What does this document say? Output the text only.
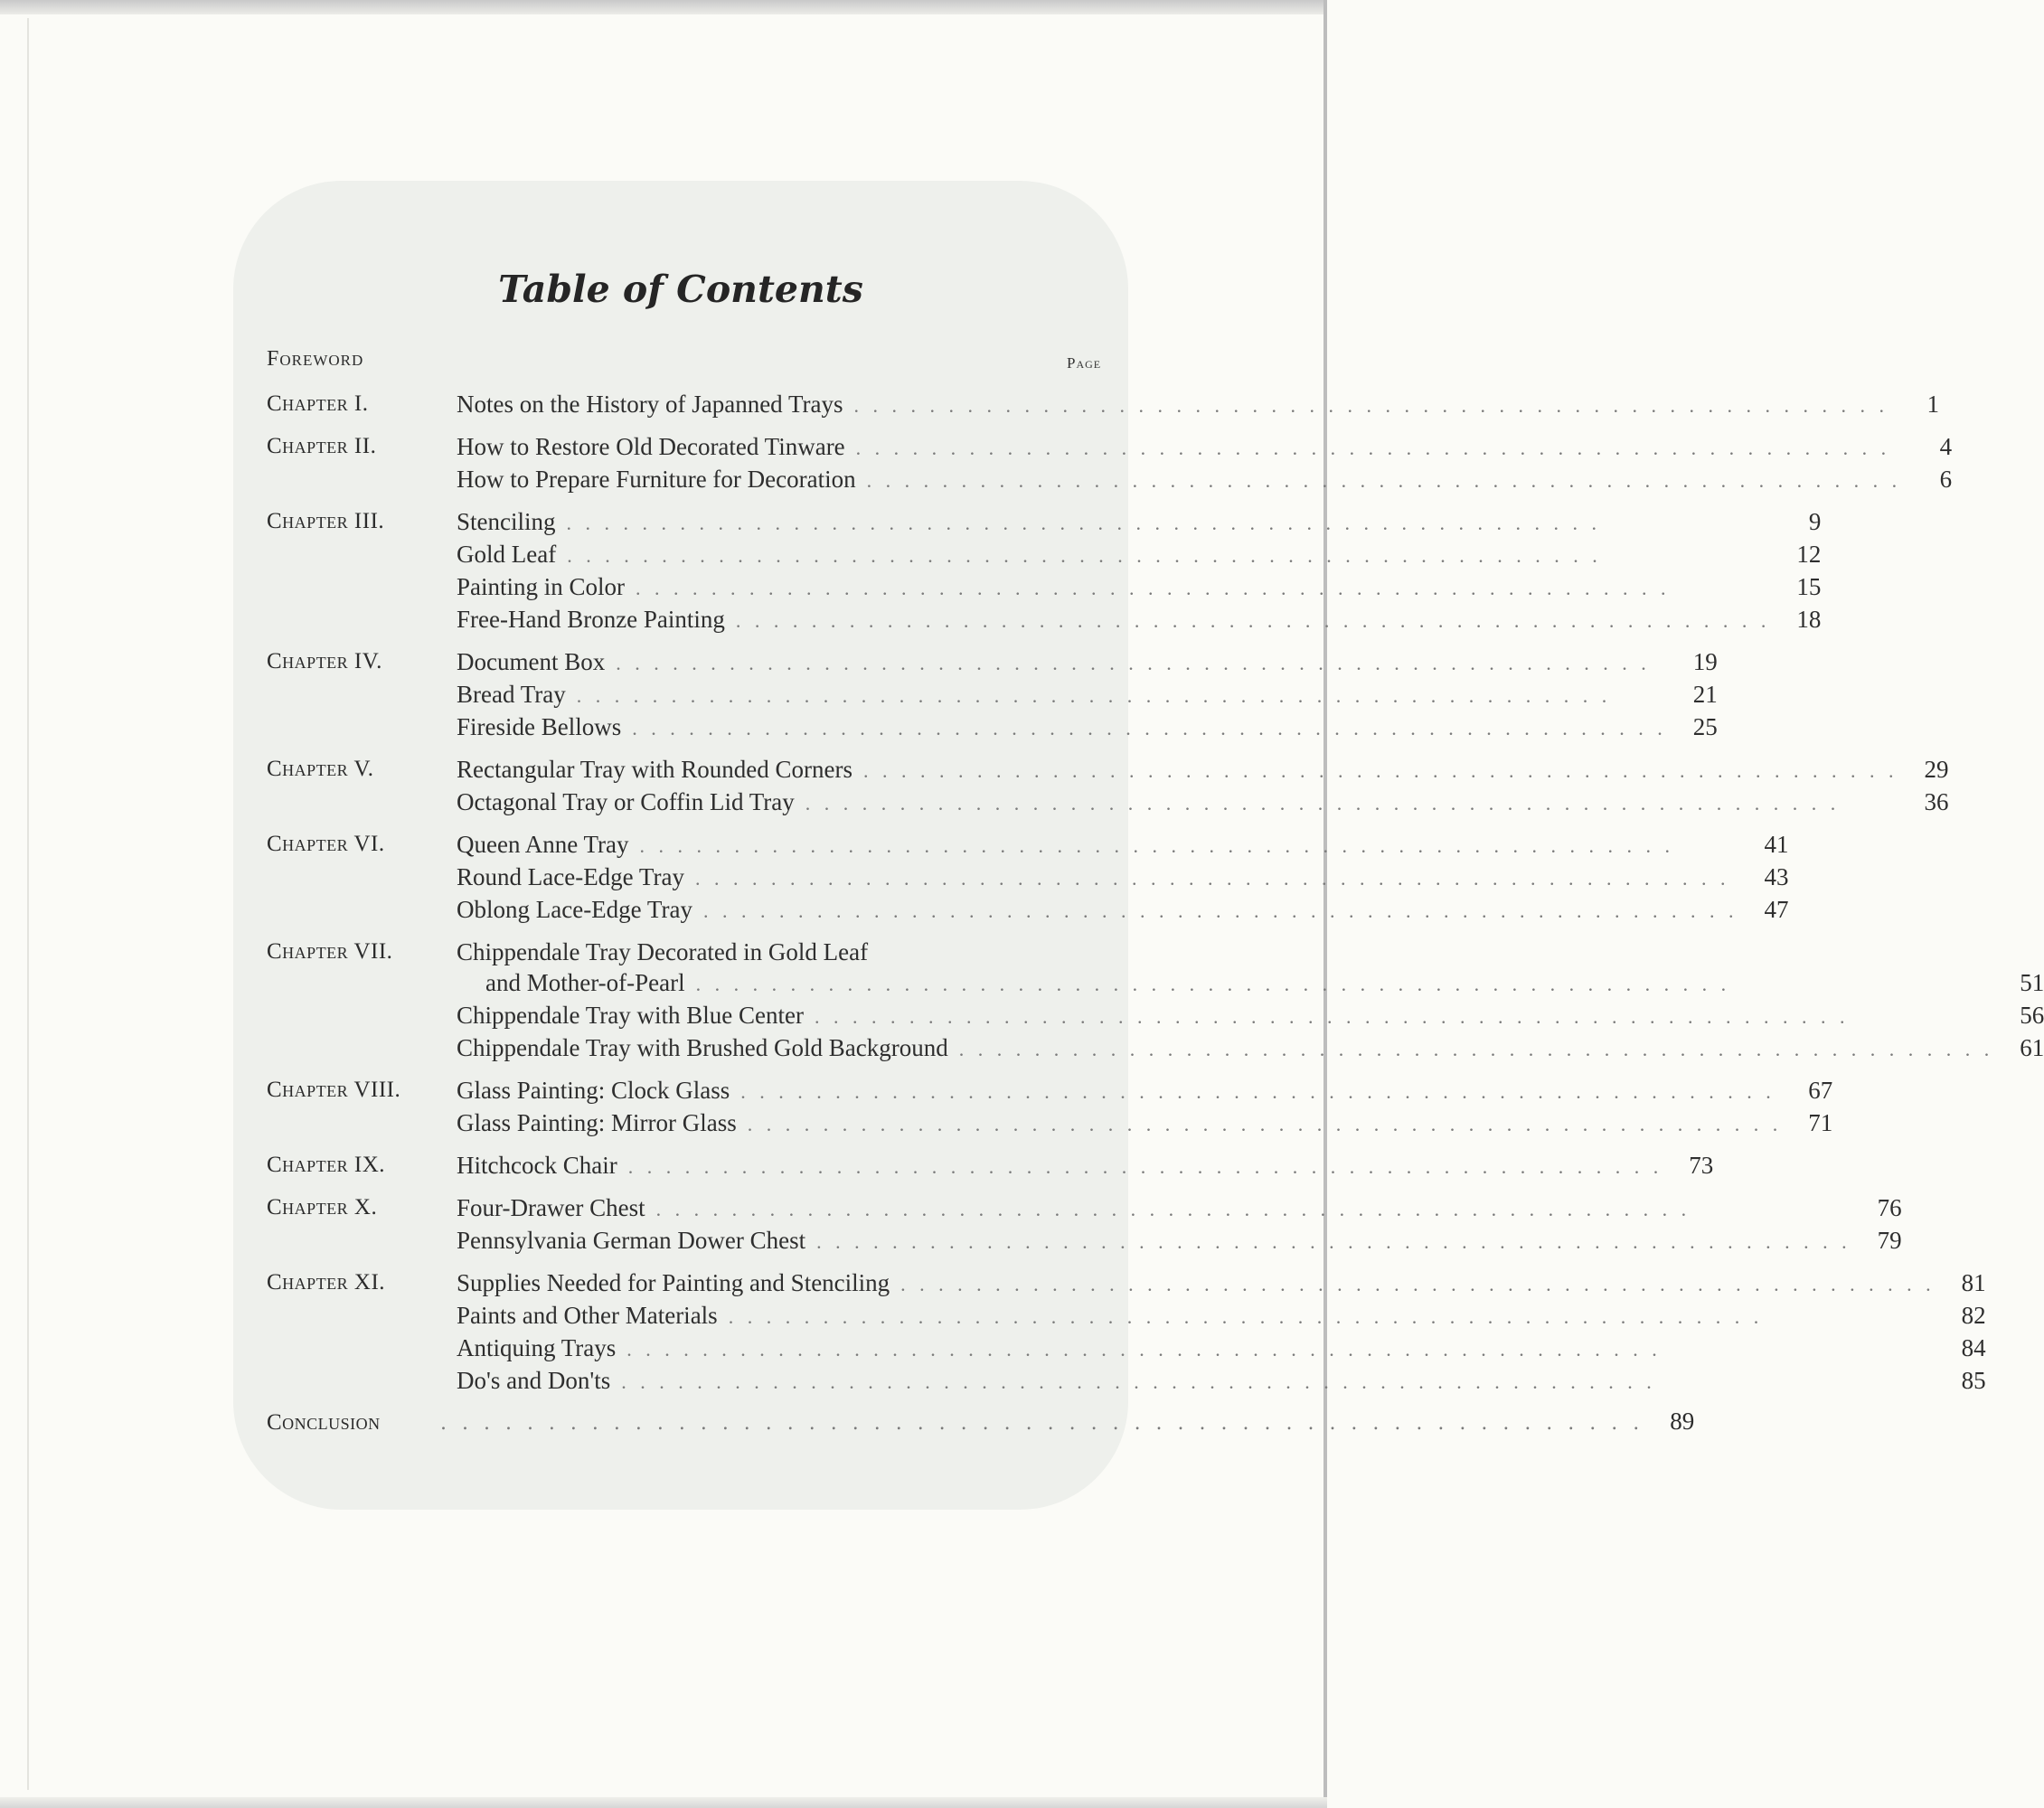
Table of Contents
Foreword	Page
Chapter I.	Notes on the History of Japanned Trays . . . . . . . . . . . . . . . . . . . . . . . . . . . . . . . . . . . . . . . . . . . . . . . . . . . . . . .	1
Chapter II.	How to Restore Old Decorated Tinware . . . . . . . . . . . . . . . . . . . . . . . . . . . . . . . . . . . . . . . . . . . . . . . . . . . . . . .	4
How to Prepare Furniture for Decoration . . . . . . . . . . . . . . . . . . . . . . . . . . . . . . . . . . . . . . . . . . . . . . . . . . . . . . .	6
Chapter III.	Stenciling . . . . . . . . . . . . . . . . . . . . . . . . . . . . . . . . . . . . . . . . . . . . . . . . . . . . . . .	9
Gold Leaf . . . . . . . . . . . . . . . . . . . . . . . . . . . . . . . . . . . . . . . . . . . . . . . . . . . . . . .	12
Painting in Color . . . . . . . . . . . . . . . . . . . . . . . . . . . . . . . . . . . . . . . . . . . . . . . . . . . . . . .	15
Free-Hand Bronze Painting . . . . . . . . . . . . . . . . . . . . . . . . . . . . . . . . . . . . . . . . . . . . . . . . . . . . . . .	18
Chapter IV.	Document Box . . . . . . . . . . . . . . . . . . . . . . . . . . . . . . . . . . . . . . . . . . . . . . . . . . . . . . .	19
Bread Tray . . . . . . . . . . . . . . . . . . . . . . . . . . . . . . . . . . . . . . . . . . . . . . . . . . . . . . .	21
Fireside Bellows . . . . . . . . . . . . . . . . . . . . . . . . . . . . . . . . . . . . . . . . . . . . . . . . . . . . . . .	25
Chapter V.	Rectangular Tray with Rounded Corners . . . . . . . . . . . . . . . . . . . . . . . . . . . . . . . . . . . . . . . . . . . . . . . . . . . . . . .	29
Octagonal Tray or Coffin Lid Tray . . . . . . . . . . . . . . . . . . . . . . . . . . . . . . . . . . . . . . . . . . . . . . . . . . . . . . .	36
Chapter VI.	Queen Anne Tray . . . . . . . . . . . . . . . . . . . . . . . . . . . . . . . . . . . . . . . . . . . . . . . . . . . . . . .	41
Round Lace-Edge Tray . . . . . . . . . . . . . . . . . . . . . . . . . . . . . . . . . . . . . . . . . . . . . . . . . . . . . . .	43
Oblong Lace-Edge Tray . . . . . . . . . . . . . . . . . . . . . . . . . . . . . . . . . . . . . . . . . . . . . . . . . . . . . . .	47
Chapter VII.	Chippendale Tray Decorated in Gold Leaf
and Mother-of-Pearl . . . . . . . . . . . . . . . . . . . . . . . . . . . . . . . . . . . . . . . . . . . . . . . . . . . . . . .	51
Chippendale Tray with Blue Center . . . . . . . . . . . . . . . . . . . . . . . . . . . . . . . . . . . . . . . . . . . . . . . . . . . . . . .	56
Chippendale Tray with Brushed Gold Background . . . . . . . . . . . . . . . . . . . . . . . . . . . . . . . . . . . . . . . . . . . . . . . . . . . . . . .	61
Chapter VIII.	Glass Painting: Clock Glass . . . . . . . . . . . . . . . . . . . . . . . . . . . . . . . . . . . . . . . . . . . . . . . . . . . . . . .	67
Glass Painting: Mirror Glass . . . . . . . . . . . . . . . . . . . . . . . . . . . . . . . . . . . . . . . . . . . . . . . . . . . . . . .	71
Chapter IX.	Hitchcock Chair . . . . . . . . . . . . . . . . . . . . . . . . . . . . . . . . . . . . . . . . . . . . . . . . . . . . . . .	73
Chapter X.	Four-Drawer Chest . . . . . . . . . . . . . . . . . . . . . . . . . . . . . . . . . . . . . . . . . . . . . . . . . . . . . . .	76
Pennsylvania German Dower Chest . . . . . . . . . . . . . . . . . . . . . . . . . . . . . . . . . . . . . . . . . . . . . . . . . . . . . . .	79
Chapter XI.	Supplies Needed for Painting and Stenciling . . . . . . . . . . . . . . . . . . . . . . . . . . . . . . . . . . . . . . . . . . . . . . . . . . . . . . .	81
Paints and Other Materials . . . . . . . . . . . . . . . . . . . . . . . . . . . . . . . . . . . . . . . . . . . . . . . . . . . . . . .	82
Antiquing Trays . . . . . . . . . . . . . . . . . . . . . . . . . . . . . . . . . . . . . . . . . . . . . . . . . . . . . . .	84
Do's and Don'ts . . . . . . . . . . . . . . . . . . . . . . . . . . . . . . . . . . . . . . . . . . . . . . . . . . . . . . .	85
Conclusion	. . . . . . . . . . . . . . . . . . . . . . . . . . . . . . . . . . . . . . . . . . . . . . . . . . . . . . . .	89
